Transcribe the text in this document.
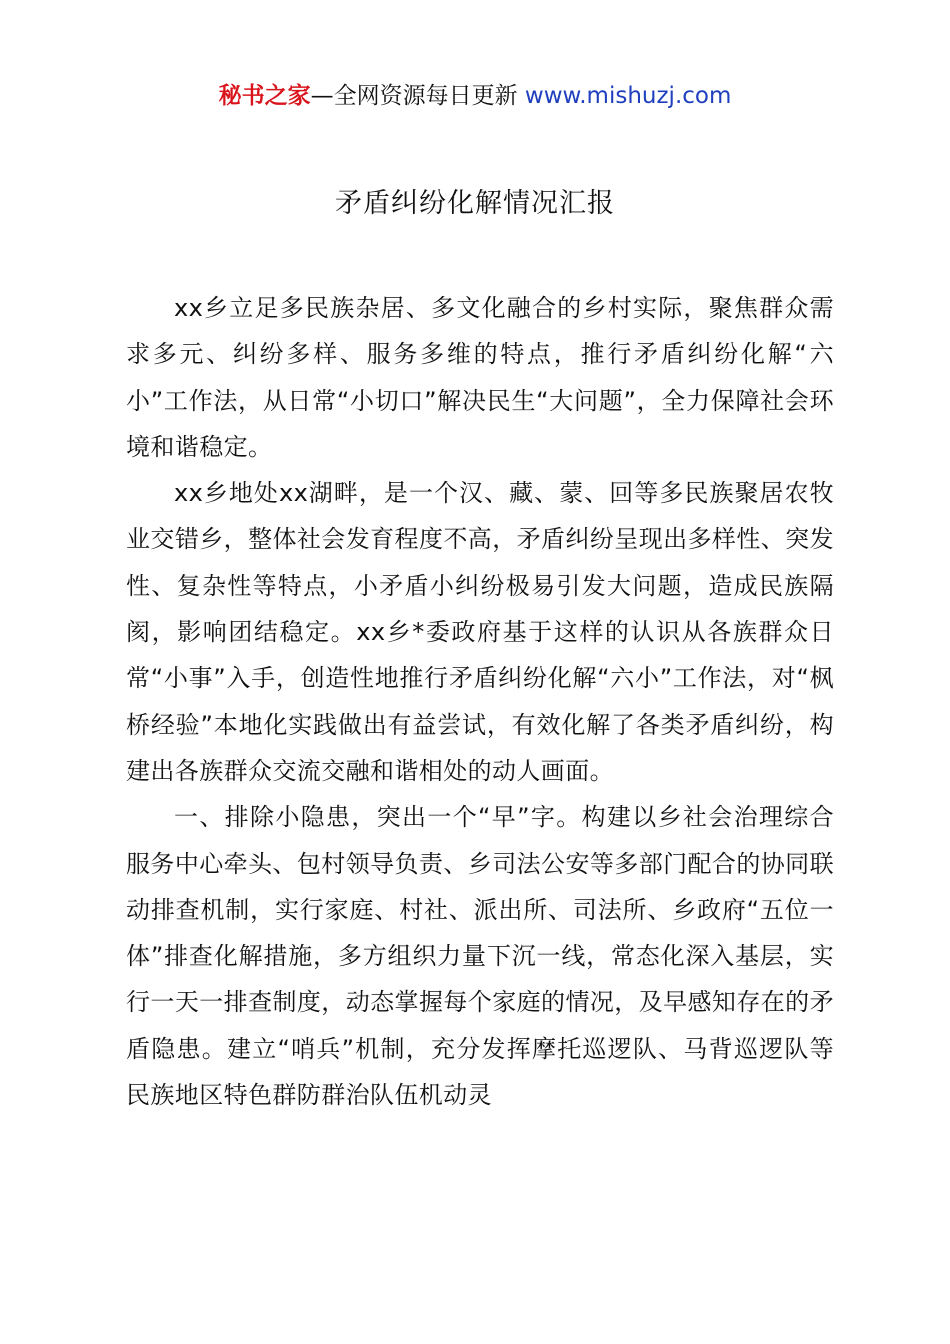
秘书之家—全网资源每日更新 www.mishuzj.com
矛盾纠纷化解情况汇报

xx乡立足多民族杂居、多文化融合的乡村实际，聚焦群众需求多元、纠纷多样、服务多维的特点，推行矛盾纠纷化解“六小”工作法，从日常“小切口”解决民生“大问题”，全力保障社会环境和谐稳定。

xx乡地处xx湖畔，是一个汉、藏、蒙、回等多民族聚居农牧业交错乡，整体社会发育程度不高，矛盾纠纷呈现出多样性、突发性、复杂性等特点，小矛盾小纠纷极易引发大问题，造成民族隔阂，影响团结稳定。xx乡*委政府基于这样的认识从各族群众日常“小事”入手，创造性地推行矛盾纠纷化解“六小”工作法，对“枫桥经验”本地化实践做出有益尝试，有效化解了各类矛盾纠纷，构建出各族群众交流交融和谐相处的动人画面。

一、排除小隐患，突出一个“早”字。构建以乡社会治理综合服务中心牵头、包村领导负责、乡司法公安等多部门配合的协同联动排查机制，实行家庭、村社、派出所、司法所、乡政府“五位一体”排查化解措施，多方组织力量下沉一线，常态化深入基层，实行一天一排查制度，动态掌握每个家庭的情况，及早感知存在的矛盾隐患。建立“哨兵”机制，充分发挥摩托巡逻队、马背巡逻队等民族地区特色群防群治队伍机动灵
